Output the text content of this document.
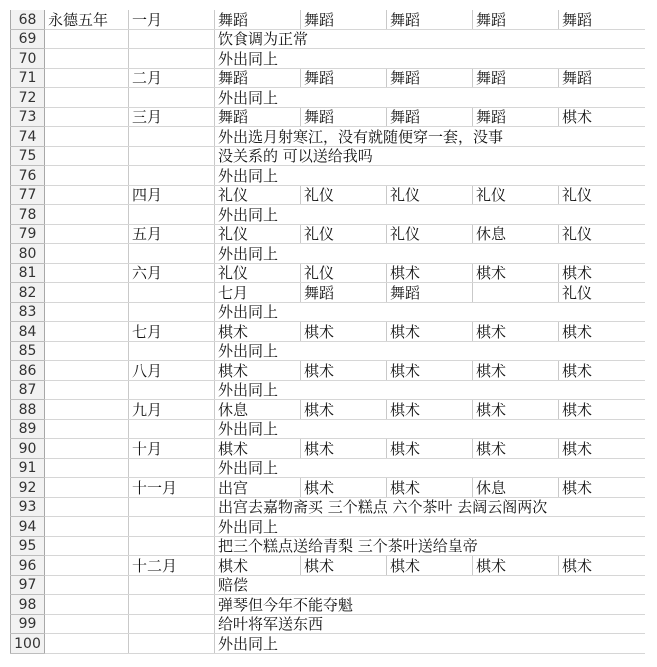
68	永德五年	一月	舞蹈	舞蹈	舞蹈	舞蹈	舞蹈
69			饮食调为正常				
70			外出同上				
71		二月	舞蹈	舞蹈	舞蹈	舞蹈	舞蹈
72			外出同上				
73		三月	舞蹈	舞蹈	舞蹈	舞蹈	棋术
74			外出选月射寒江，没有就随便穿一套，没事				
75			没关系的 可以送给我吗				
76			外出同上				
77		四月	礼仪	礼仪	礼仪	礼仪	礼仪
78			外出同上				
79		五月	礼仪	礼仪	礼仪	休息	礼仪
80			外出同上				
81		六月	礼仪	礼仪	棋术	棋术	棋术
82			七月	舞蹈	舞蹈		礼仪
83			外出同上				
84		七月	棋术	棋术	棋术	棋术	棋术
85			外出同上				
86		八月	棋术	棋术	棋术	棋术	棋术
87			外出同上				
88		九月	休息	棋术	棋术	棋术	棋术
89			外出同上				
90		十月	棋术	棋术	棋术	棋术	棋术
91			外出同上				
92		十一月	出宫	棋术	棋术	休息	棋术
93			出宫去嘉物斋买 三个糕点 六个茶叶 去阔云阁两次				
94			外出同上				
95			把三个糕点送给青梨 三个茶叶送给皇帝				
96		十二月	棋术	棋术	棋术	棋术	棋术
97			赔偿				
98			弹琴但今年不能夺魁				
99			给叶将军送东西				
100			外出同上				
